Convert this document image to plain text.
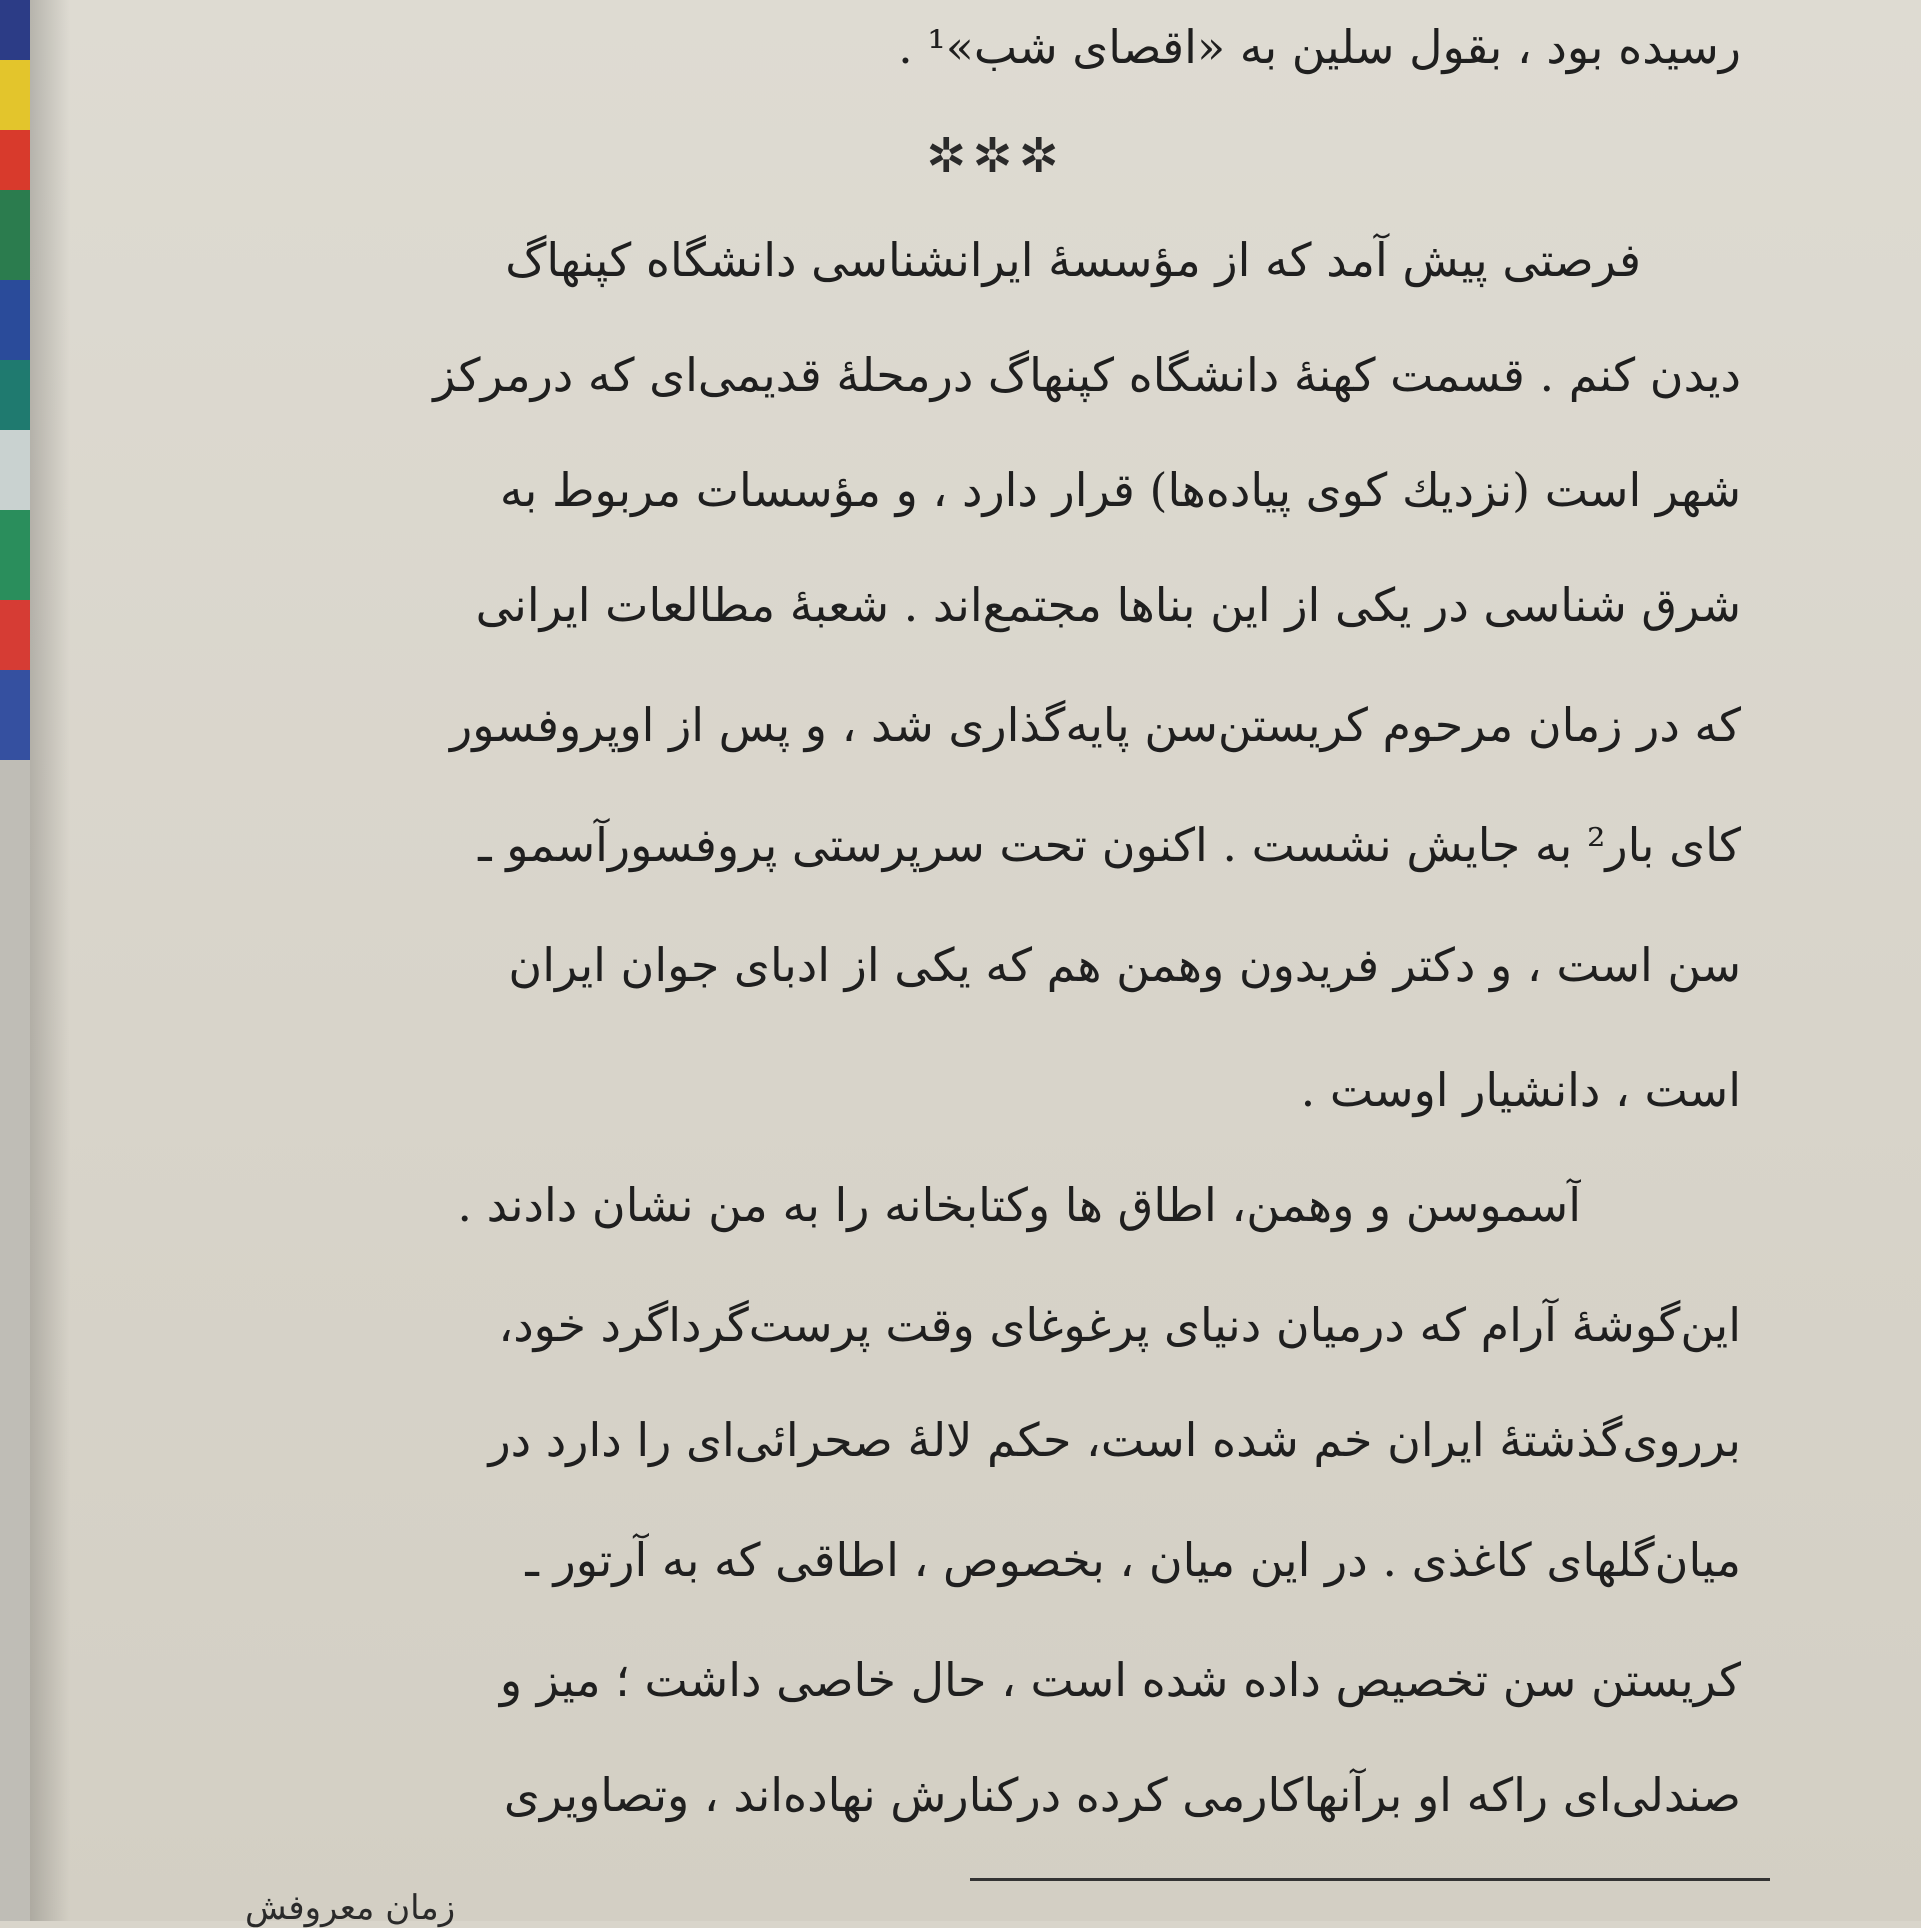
رسیده بود ، بقول سلین به «اقصای شب»¹ .
✲✲✲
فرصتی پیش آمد که از مؤسسهٔ ایرانشناسی دانشگاه کپنهاگ
دیدن کنم . قسمت کهنهٔ دانشگاه کپنهاگ درمحلهٔ قدیمی‌ای که درمرکز
شهر است (نزدیك کوی پیاده‌ها) قرار دارد ، و مؤسسات مربوط به
شرق شناسی در یکی از این بناها مجتمع‌اند . شعبهٔ مطالعات ایرانی
که در زمان مرحوم کریستن‌سن پایه‌گذاری شد ، و پس از اوپروفسور
کای بار² به جایش نشست . اکنون تحت سرپرستی پروفسورآسمو ـ
سن است ، و دکتر فریدون وهمن هم که یکی از ادبای جوان ایران
است ، دانشیار اوست .
آسموسن و وهمن، اطاق ها وکتابخانه را به من نشان دادند .
این‌گوشهٔ آرام که درمیان دنیای پرغوغای وقت پرست‌گرداگرد خود،
برروی‌گذشتهٔ ایران خم شده است، حکم لالهٔ صحرائی‌ای را دارد در
میان‌گلهای کاغذی . در این میان ، بخصوص ، اطاقی که به آرتور ـ
کریستن سن تخصیص داده شده است ، حال خاصی داشت ؛ میز و
صندلی‌ای راکه او برآنهاکارمی کرده درکنارش نهاده‌اند ، وتصاویری
زمان معروفش
